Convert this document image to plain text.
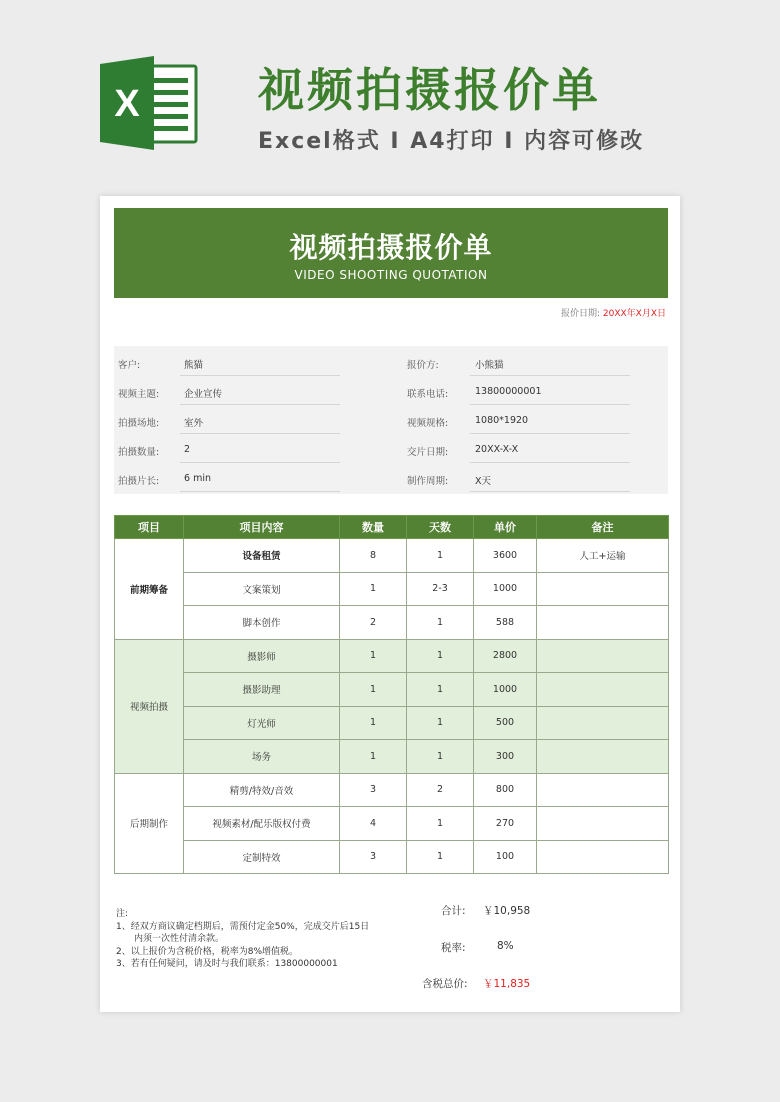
X	视频拍摄报价单
Excel格式 I A4打印 I 内容可修改
视频拍摄报价单
VIDEO SHOOTING QUOTATION
报价日期: 20XX年X月X日
客户:	熊猫
视频主题:	企业宣传
拍摄场地:	室外
拍摄数量:	2
拍摄片长:	6 min
报价方:	小熊猫
联系电话:	13800000001
视频规格:	1080*1920
交片日期:	20XX-X-X
制作周期:	X天
项目	项目内容	数量	天数	单价	备注
前期筹备	设备租赁	8	1	3600	人工+运输
	文案策划	1	2-3	1000	
	脚本创作	2	1	588	
视频拍摄	摄影师	1	1	2800	
	摄影助理	1	1	1000	
	灯光师	1	1	500	
	场务	1	1	300	
后期制作	精剪/特效/音效	3	2	800	
	视频素材/配乐版权付费	4	1	270	
	定制特效	3	1	100	
注:
1、经双方商议确定档期后，需预付定金50%，完成交片后15日
内须一次性付清余款。
2、以上报价为含税价格，税率为8%增值税。
3、若有任何疑问，请及时与我们联系：13800000001
合计: ￥10,958
税率:	8%
含税总价: ￥11,835
